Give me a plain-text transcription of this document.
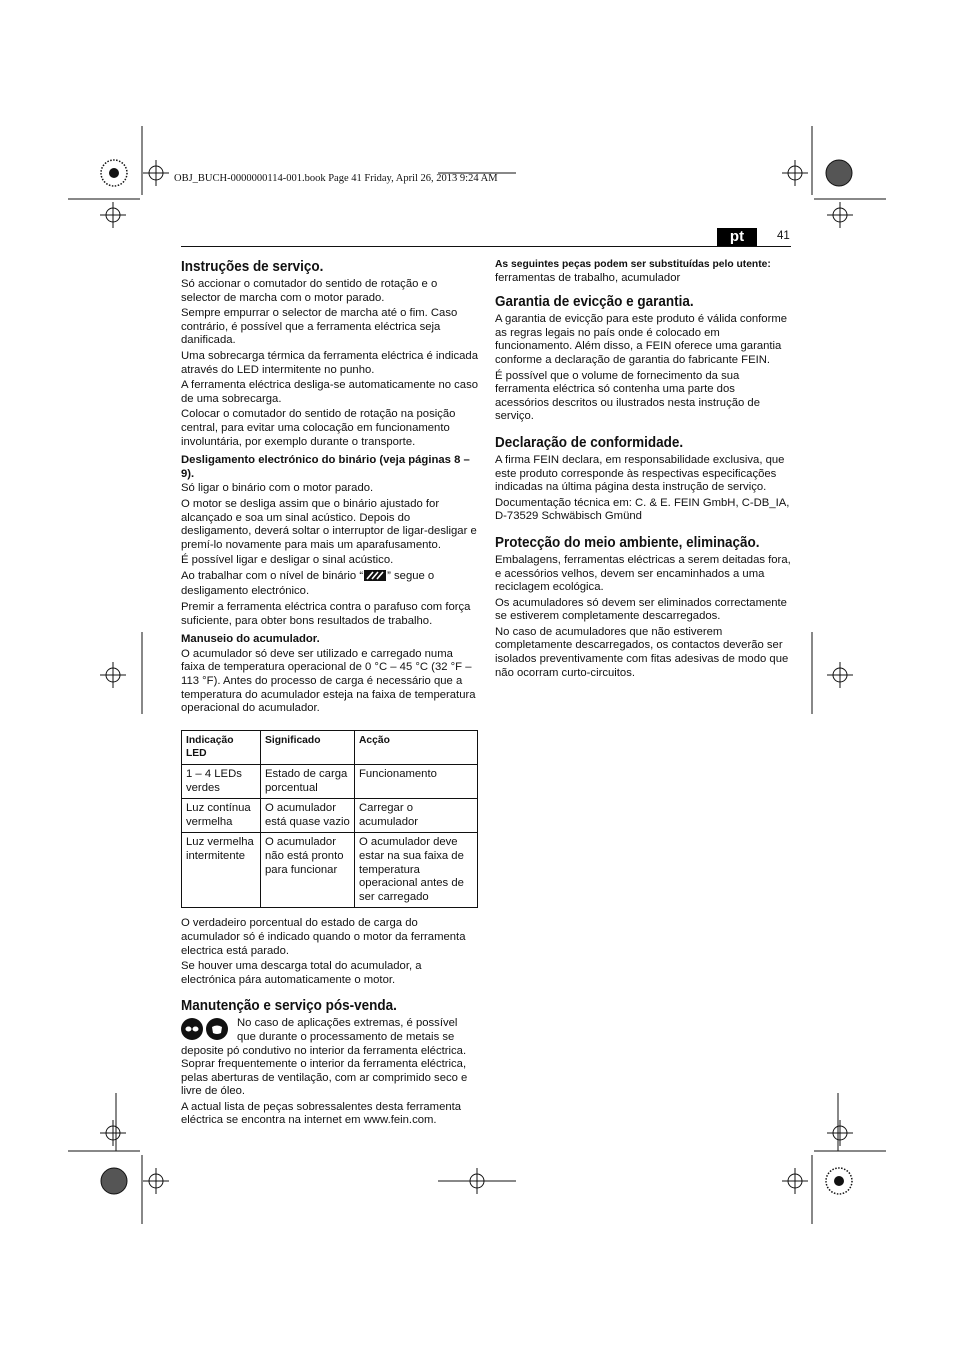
OBJ_BUCH-0000000114-001.book Page 41 Friday, April 26, 2013 9:24 AM
pt	41
Instruções de serviço.

Só accionar o comutador do sentido de rotação e o selector de marcha com o motor parado.

Sempre empurrar o selector de marcha até o fim. Caso contrário, é possível que a ferramenta eléctrica seja danificada.

Uma sobrecarga térmica da ferramenta eléctrica é indicada através do LED intermitente no punho.

A ferramenta eléctrica desliga-se automaticamente no caso de uma sobrecarga.

Colocar o comutador do sentido de rotação na posição central, para evitar uma colocação em funcionamento involuntária, por exemplo durante o transporte.

Desligamento electrónico do binário (veja páginas 8 – 9).

Só ligar o binário com o motor parado.

O motor se desliga assim que o binário ajustado for alcançado e soa um sinal acústico. Depois do desligamento, deverá soltar o interruptor de ligar-desligar e premí-lo novamente para mais um aparafusamento.

É possível ligar e desligar o sinal acústico.

Ao trabalhar com o nível de binário “ ” segue o desligamento electrónico.

Premir a ferramenta eléctrica contra o parafuso com força suficiente, para obter bons resultados de trabalho.

Manuseio do acumulador.

O acumulador só deve ser utilizado e carregado numa faixa de temperatura operacional de 0 °C – 45 °C (32 °F – 113 °F). Antes do processo de carga é necessário que a temperatura do acumulador esteja na faixa de temperatura operacional do acumulador.

Indicação LED	Significado	Acção
1 – 4 LEDs verdes	Estado de carga porcentual	Funcionamento
Luz contínua vermelha	O acumulador está quase vazio	Carregar o acumulador
Luz vermelha intermitente	O acumulador não está pronto para funcionar	O acumulador deve estar na sua faixa de temperatura operacional antes de ser carregado

O verdadeiro porcentual do estado de carga do acumulador só é indicado quando o motor da ferramenta electrica está parado.

Se houver uma descarga total do acumulador, a electrónica pára automaticamente o motor.

Manutenção e serviço pós-venda.

No caso de aplicações extremas, é possível que durante o processamento de metais se deposite pó condutivo no interior da ferramenta eléctrica. Soprar frequentemente o interior da ferramenta eléctrica, pelas aberturas de ventilação, com ar comprimido seco e livre de óleo.

A actual lista de peças sobressalentes desta ferramenta eléctrica se encontra na internet em www.fein.com.

As seguintes peças podem ser substituídas pelo utente:
ferramentas de trabalho, acumulador

Garantia de evicção e garantia.

A garantia de evicção para este produto é válida conforme as regras legais no país onde é colocado em funcionamento. Além disso, a FEIN oferece uma garantia conforme a declaração de garantia do fabricante FEIN.

É possível que o volume de fornecimento da sua ferramenta eléctrica só contenha uma parte dos acessórios descritos ou ilustrados nesta instrução de serviço.

Declaração de conformidade.

A firma FEIN declara, em responsabilidade exclusiva, que este produto corresponde às respectivas especificações indicadas na última página desta instrução de serviço.

Documentação técnica em: C. & E. FEIN GmbH, C-DB_IA, D-73529 Schwäbisch Gmünd

Protecção do meio ambiente, eliminação.

Embalagens, ferramentas eléctricas a serem deitadas fora, e acessórios velhos, devem ser encaminhados a uma reciclagem ecológica.

Os acumuladores só devem ser eliminados correctamente se estiverem completamente descarregados.

No caso de acumuladores que não estiverem completamente descarregados, os contactos deverão ser isolados preventivamente com fitas adesivas de modo que não ocorram curto-circuitos.
